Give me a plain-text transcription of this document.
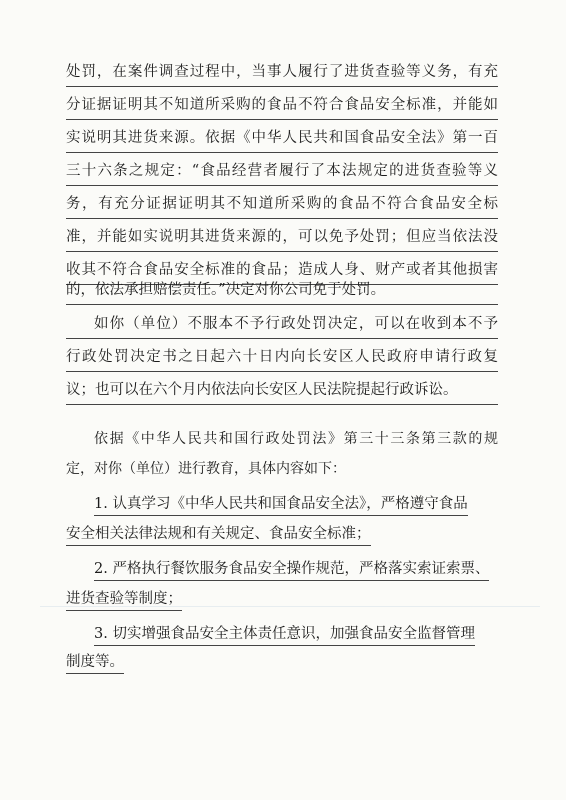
处罚，在案件调查过程中，当事人履行了进货查验等义务，有充
分证据证明其不知道所采购的食品不符合食品安全标准，并能如
实说明其进货来源。依据《中华人民共和国食品安全法》第一百
三十六条之规定：“食品经营者履行了本法规定的进货查验等义
务，有充分证据证明其不知道所采购的食品不符合食品安全标
准，并能如实说明其进货来源的，可以免予处罚；但应当依法没
收其不符合食品安全标准的食品；造成人身、财产或者其他损害
的，依法承担赔偿责任。”决定对你公司免于处罚。
如你（单位）不服本不予行政处罚决定，可以在收到本不予
行政处罚决定书之日起六十日内向长安区人民政府申请行政复
议；也可以在六个月内依法向长安区人民法院提起行政诉讼。
依据《中华人民共和国行政处罚法》第三十三条第三款的规
定，对你（单位）进行教育，具体内容如下：
1. 认真学习《中华人民共和国食品安全法》，严格遵守食品
安全相关法律法规和有关规定、食品安全标准；
2. 严格执行餐饮服务食品安全操作规范，严格落实索证索票、
进货查验等制度；
3. 切实增强食品安全主体责任意识，加强食品安全监督管理
制度等。
